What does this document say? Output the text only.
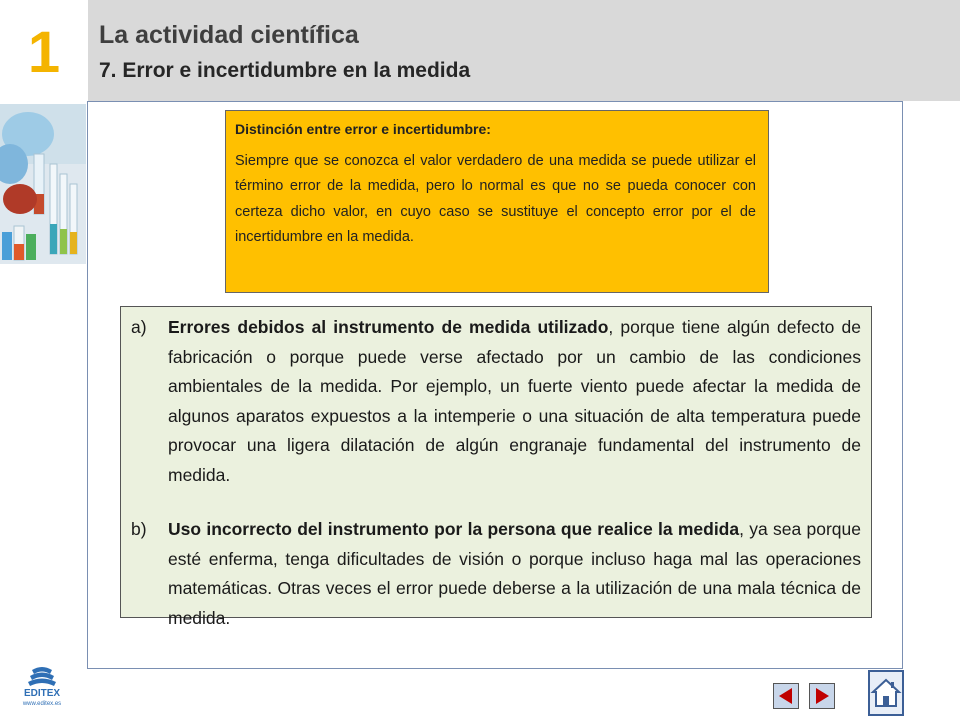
1 La actividad científica
7. Error e incertidumbre en la medida
Distinción entre error e incertidumbre:
Siempre que se conozca el valor verdadero de una medida se puede utilizar el término error de la medida, pero lo normal es que no se pueda conocer con certeza dicho valor, en cuyo caso se sustituye el concepto error por el de incertidumbre en la medida.
a) Errores debidos al instrumento de medida utilizado, porque tiene algún defecto de fabricación o porque puede verse afectado por un cambio de las condiciones ambientales de la medida. Por ejemplo, un fuerte viento puede afectar la medida de algunos aparatos expuestos a la intemperie o una situación de alta temperatura puede provocar una ligera dilatación de algún engranaje fundamental del instrumento de medida.
b) Uso incorrecto del instrumento por la persona que realice la medida, ya sea porque esté enferma, tenga dificultades de visión o porque incluso haga mal las operaciones matemáticas. Otras veces el error puede deberse a la utilización de una mala técnica de medida.
EDITEX
www.editex.es
